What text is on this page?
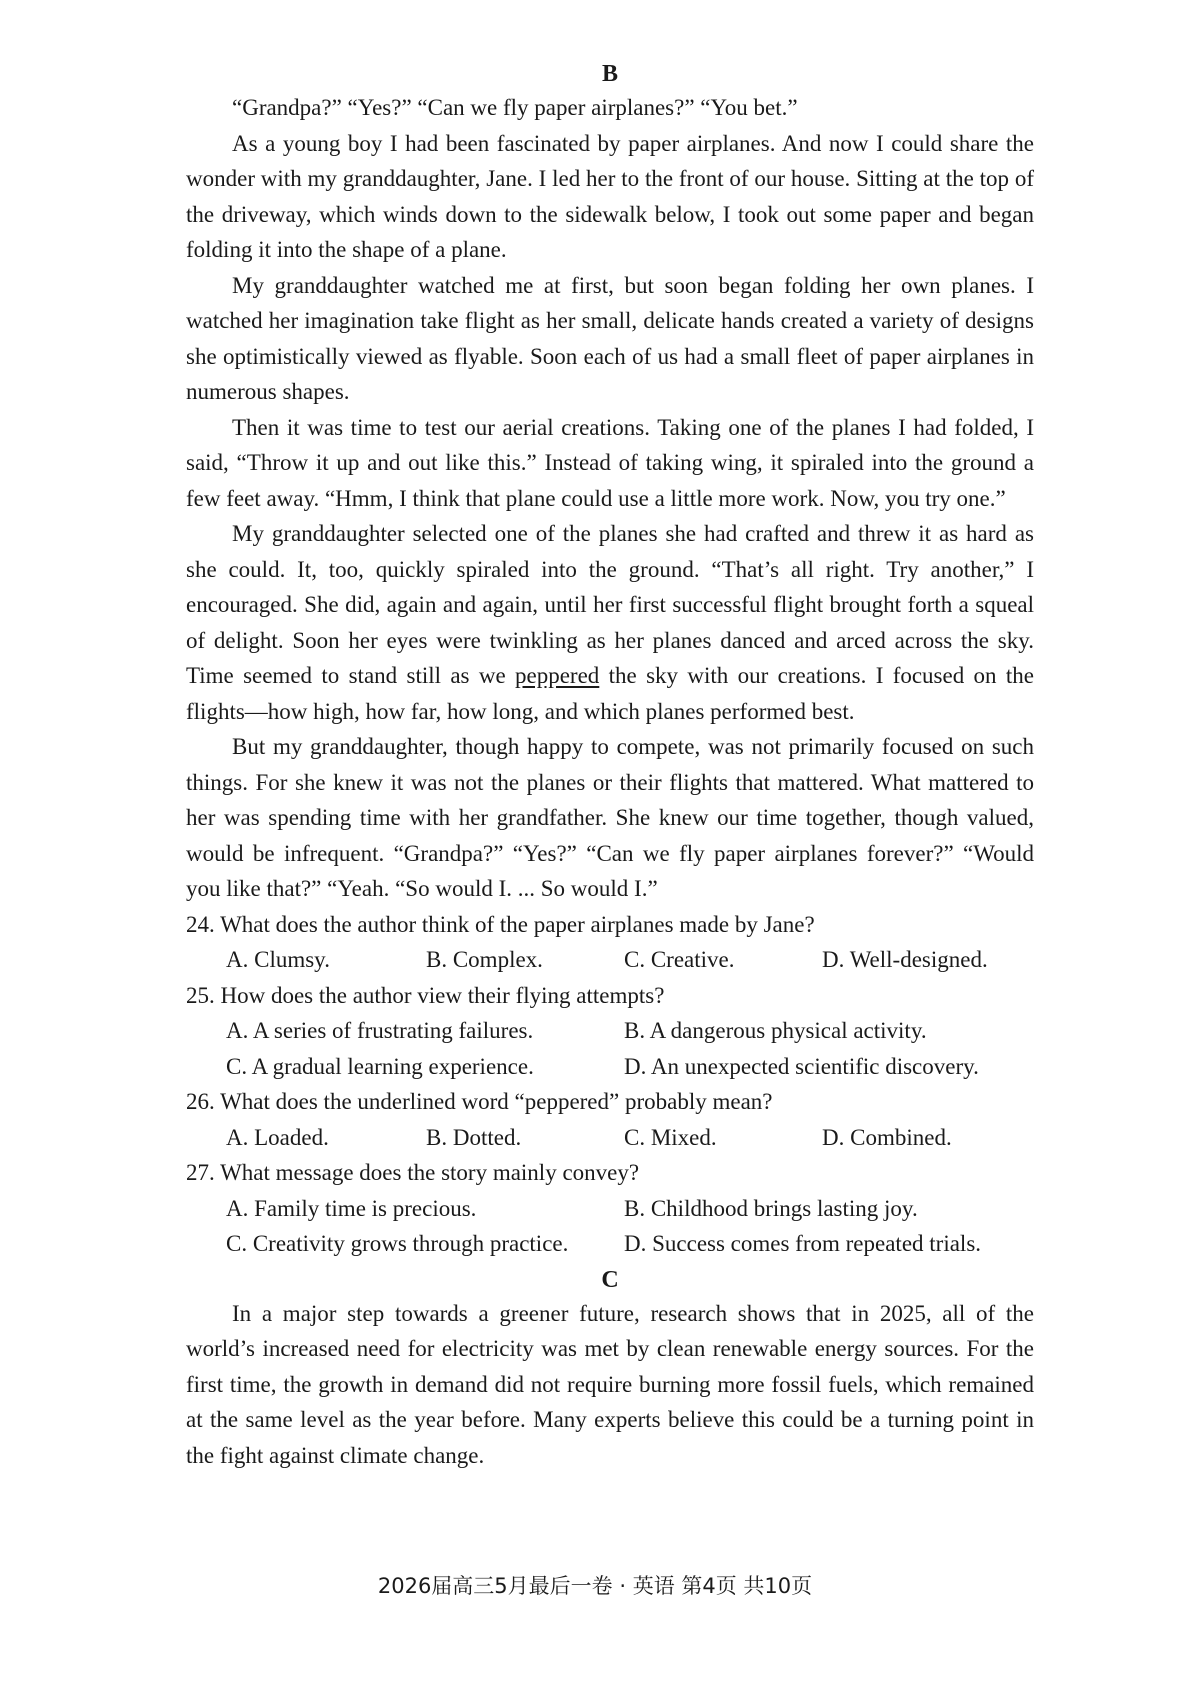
B

“Grandpa?” “Yes?” “Can we fly paper airplanes?” “You bet.”

As a young boy I had been fascinated by paper airplanes. And now I could share the wonder with my granddaughter, Jane. I led her to the front of our house. Sitting at the top of the driveway, which winds down to the sidewalk below, I took out some paper and began folding it into the shape of a plane.

My granddaughter watched me at first, but soon began folding her own planes. I watched her imagination take flight as her small, delicate hands created a variety of designs she optimistically viewed as flyable. Soon each of us had a small fleet of paper airplanes in numerous shapes.

Then it was time to test our aerial creations. Taking one of the planes I had folded, I said, “Throw it up and out like this.” Instead of taking wing, it spiraled into the ground a few feet away. “Hmm, I think that plane could use a little more work. Now, you try one.”

My granddaughter selected one of the planes she had crafted and threw it as hard as she could. It, too, quickly spiraled into the ground. “That’s all right. Try another,” I encouraged. She did, again and again, until her first successful flight brought forth a squeal of delight. Soon her eyes were twinkling as her planes danced and arced across the sky. Time seemed to stand still as we peppered the sky with our creations. I focused on the flights—how high, how far, how long, and which planes performed best.

But my granddaughter, though happy to compete, was not primarily focused on such things. For she knew it was not the planes or their flights that mattered. What mattered to her was spending time with her grandfather. She knew our time together, though valued, would be infrequent. “Grandpa?” “Yes?” “Can we fly paper airplanes forever?” “Would you like that?” “Yeah. “So would I. ... So would I.”

24. What does the author think of the paper airplanes made by Jane?

A. Clumsy.	B. Complex.	C. Creative.	D. Well-designed.

25. How does the author view their flying attempts?

A. A series of frustrating failures.	B. A dangerous physical activity.
C. A gradual learning experience.	D. An unexpected scientific discovery.

26. What does the underlined word “peppered” probably mean?

A. Loaded.	B. Dotted.	C. Mixed.	D. Combined.

27. What message does the story mainly convey?

A. Family time is precious.	B. Childhood brings lasting joy.
C. Creativity grows through practice.	D. Success comes from repeated trials.
C

In a major step towards a greener future, research shows that in 2025, all of the world’s increased need for electricity was met by clean renewable energy sources. For the first time, the growth in demand did not require burning more fossil fuels, which remained at the same level as the year before. Many experts believe this could be a turning point in the fight against climate change.

2026届高三5月最后一卷 · 英语 第4页 共10页
